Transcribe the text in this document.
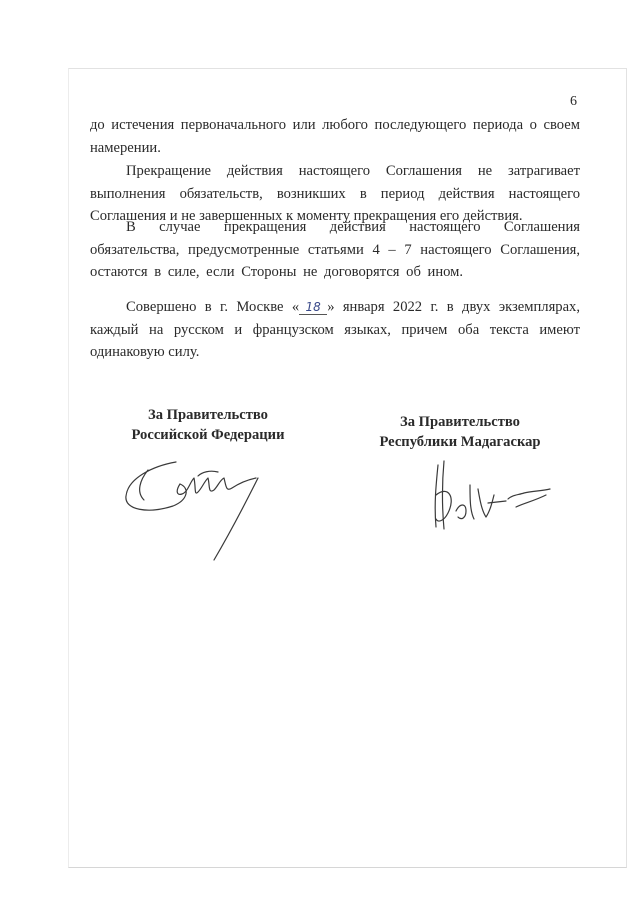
6

до истечения первоначального или любого последующего периода о своем намерении.

Прекращение действия настоящего Соглашения не затрагивает выполнения обязательств, возникших в период действия настоящего Соглашения и не завершенных к моменту прекращения его действия.

В случае прекращения действия настоящего Соглашения обязательства, предусмотренные статьями 4 – 7 настоящего Соглашения, остаются в силе, если Стороны не договорятся об ином.

Совершено в г. Москве « 18 » января 2022 г. в двух экземплярах, каждый на русском и французском языках, причем оба текста имеют одинаковую силу.

За Правительство
Российской Федерации
За Правительство
Республики Мадагаскар
